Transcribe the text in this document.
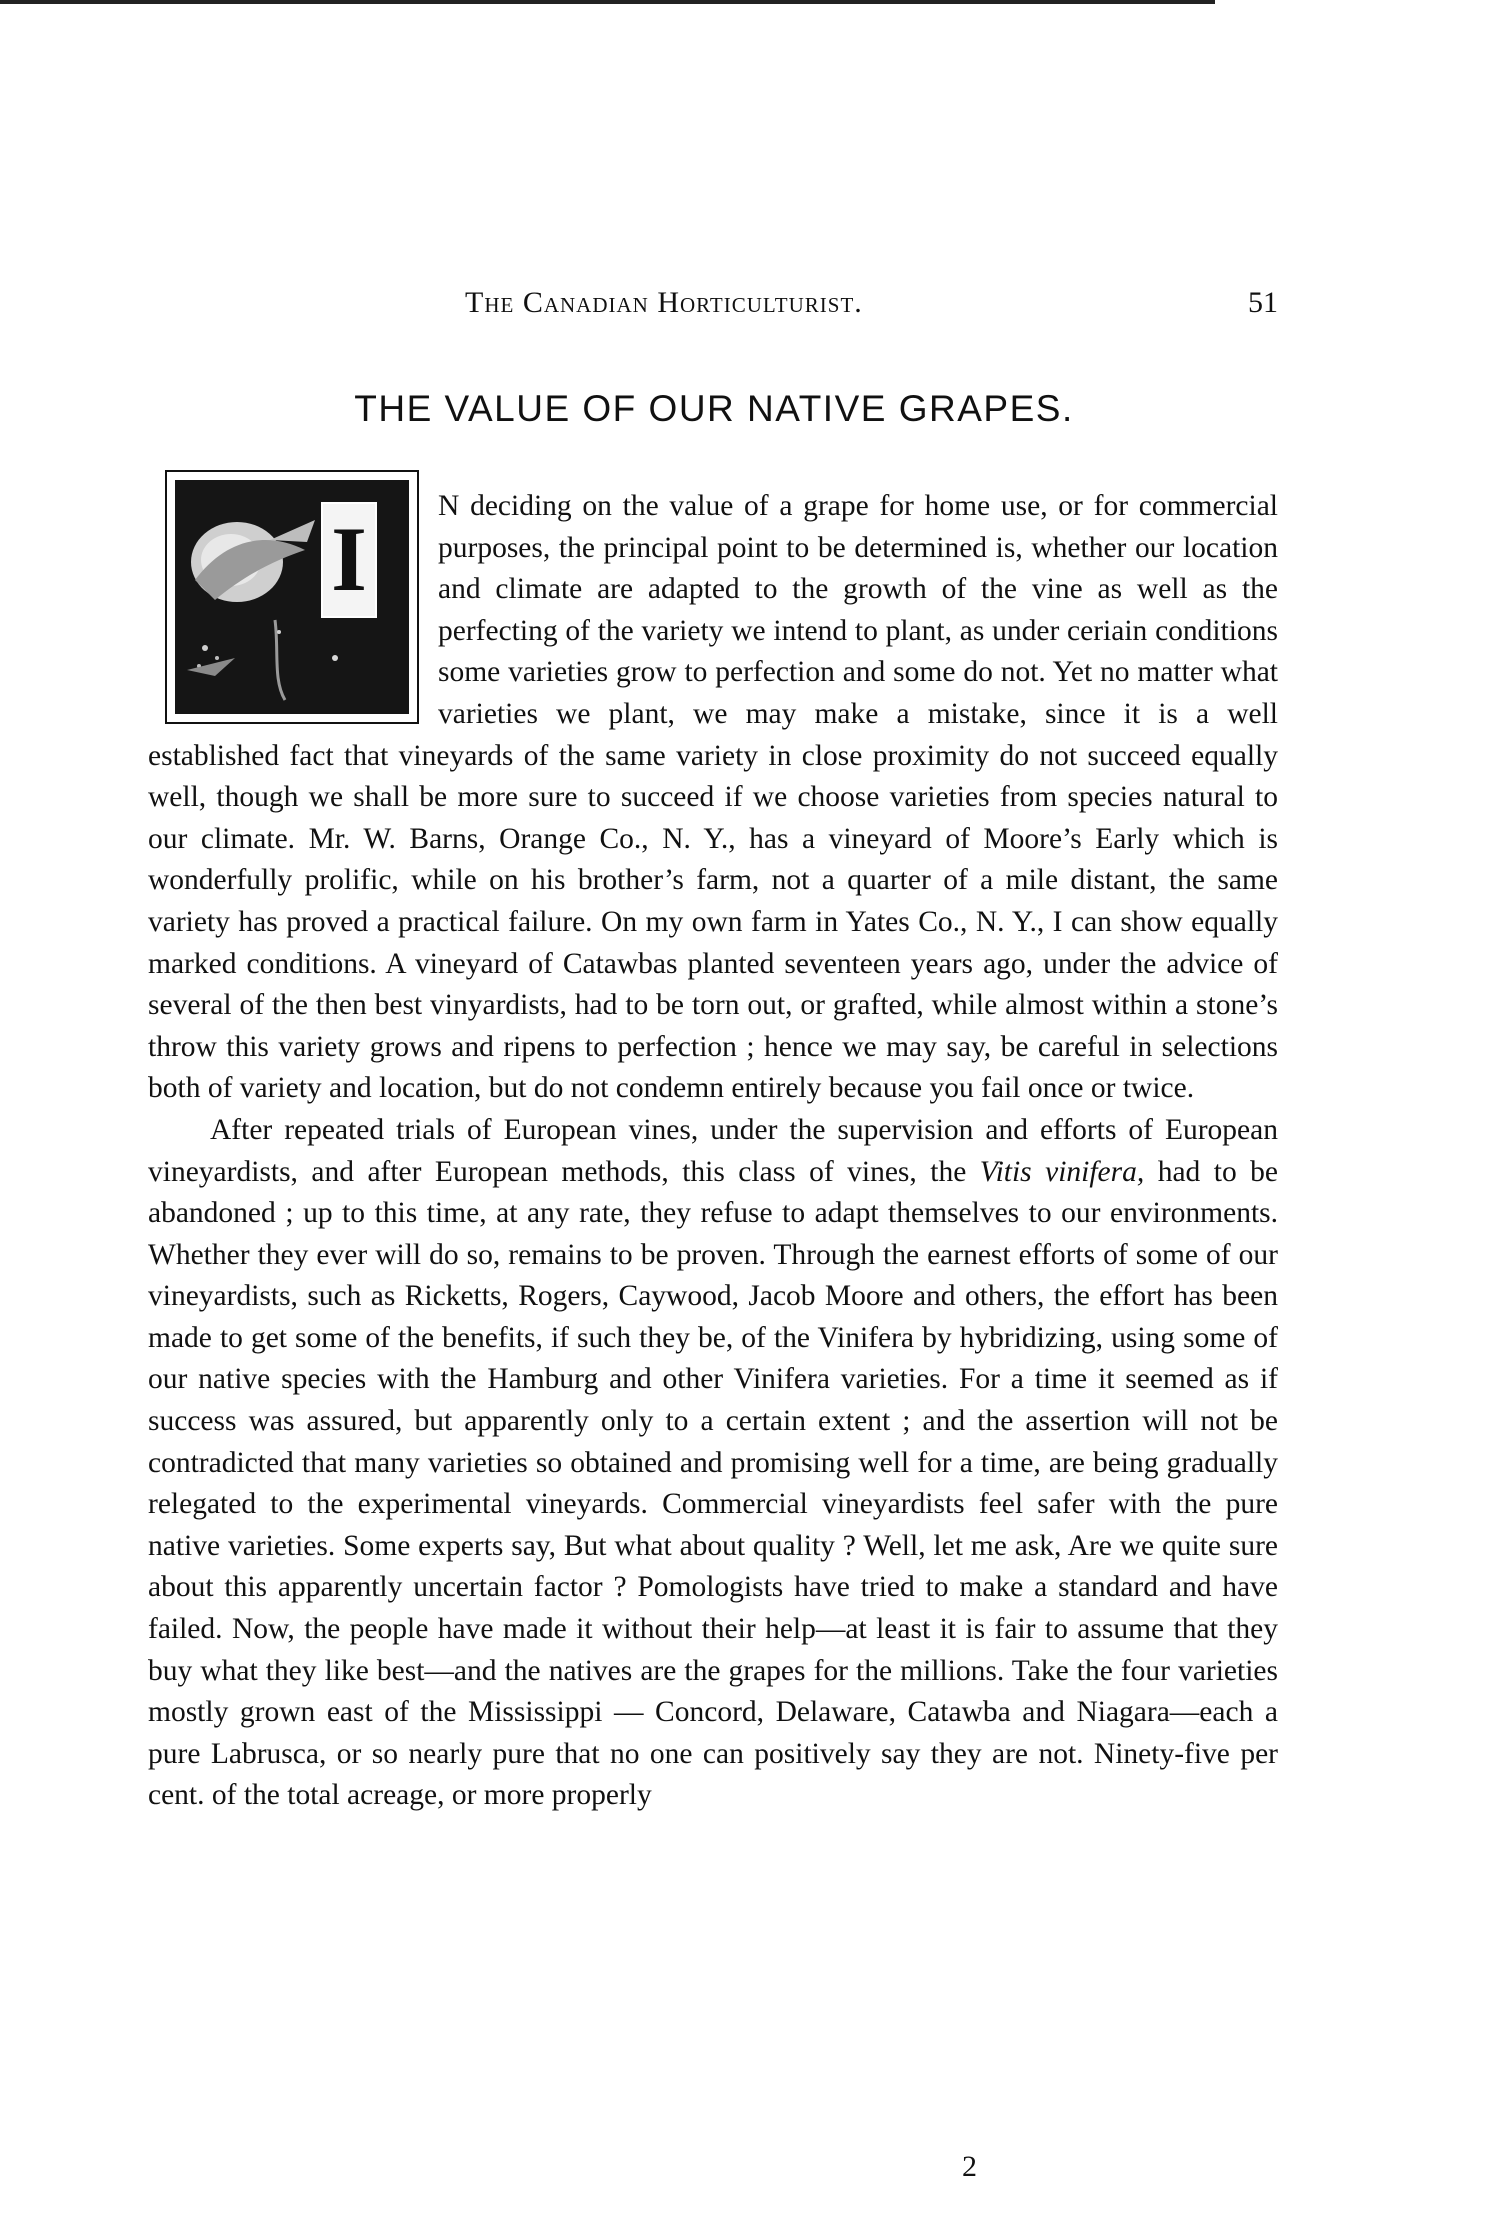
The Canadian Horticulturist.	51
THE VALUE OF OUR NATIVE GRAPES.
I

N deciding on the value of a grape for home use, or for commercial purposes, the principal point to be determined is, whether our location and climate are adapted to the growth of the vine as well as the perfecting of the variety we intend to plant, as under ceriain conditions some varieties grow to perfection and some do not. Yet no matter what varieties we plant, we may make a mistake, since it is a well established fact that vineyards of the same variety in close proximity do not succeed equally well, though we shall be more sure to succeed if we choose varieties from species natural to our climate. Mr. W. Barns, Orange Co., N. Y., has a vineyard of Moore’s Early which is wonderfully prolific, while on his brother’s farm, not a quarter of a mile distant, the same variety has proved a practical failure. On my own farm in Yates Co., N. Y., I can show equally marked conditions. A vineyard of Catawbas planted seventeen years ago, under the advice of several of the then best vinyardists, had to be torn out, or grafted, while almost within a stone’s throw this variety grows and ripens to perfection ; hence we may say, be careful in selections both of variety and location, but do not condemn entirely because you fail once or twice.

After repeated trials of European vines, under the supervision and efforts of European vineyardists, and after European methods, this class of vines, the Vitis vinifera, had to be abandoned ; up to this time, at any rate, they refuse to adapt themselves to our environments. Whether they ever will do so, remains to be proven. Through the earnest efforts of some of our vineyardists, such as Ricketts, Rogers, Caywood, Jacob Moore and others, the effort has been made to get some of the benefits, if such they be, of the Vinifera by hybridizing, using some of our native species with the Hamburg and other Vinifera varieties. For a time it seemed as if success was assured, but apparently only to a certain extent ; and the assertion will not be contradicted that many varieties so obtained and promising well for a time, are being gradually relegated to the experimental vineyards. Commercial vineyardists feel safer with the pure native varieties. Some experts say, But what about quality ? Well, let me ask, Are we quite sure about this apparently uncertain factor ? Pomologists have tried to make a standard and have failed. Now, the people have made it without their help—at least it is fair to assume that they buy what they like best—and the natives are the grapes for the millions. Take the four varieties mostly grown east of the Mississippi — Concord, Delaware, Catawba and Niagara—each a pure Labrusca, or so nearly pure that no one can positively say they are not. Ninety-five per cent. of the total acreage, or more properly

2
